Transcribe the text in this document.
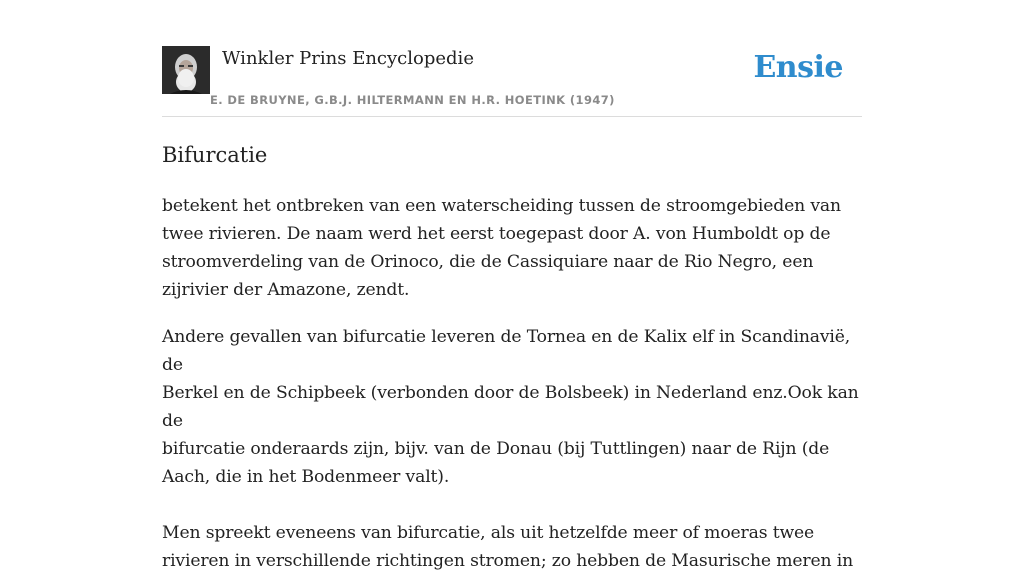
Winkler Prins Encyclopedie
E. DE BRUYNE, G.B.J. HILTERMANN EN H.R. HOETINK (1947)
Ensie
Bifurcatie

betekent het ontbreken van een waterscheiding tussen de stroomgebieden van
twee rivieren. De naam werd het eerst toegepast door A. von Humboldt op de
stroomverdeling van de Orinoco, die de Cassiquiare naar de Rio Negro, een
zijrivier der Amazone, zendt.

Andere gevallen van bifurcatie leveren de Tornea en de Kalix elf in Scandinavië, de
Berkel en de Schipbeek (verbonden door de Bolsbeek) in Nederland enz.Ook kan de
bifurcatie onderaards zijn, bijv. van de Donau (bij Tuttlingen) naar de Rijn (de
Aach, die in het Bodenmeer valt).

Men spreekt eveneens van bifurcatie, als uit hetzelfde meer of moeras twee
rivieren in verschillende richtingen stromen; zo hebben de Masurische meren in
